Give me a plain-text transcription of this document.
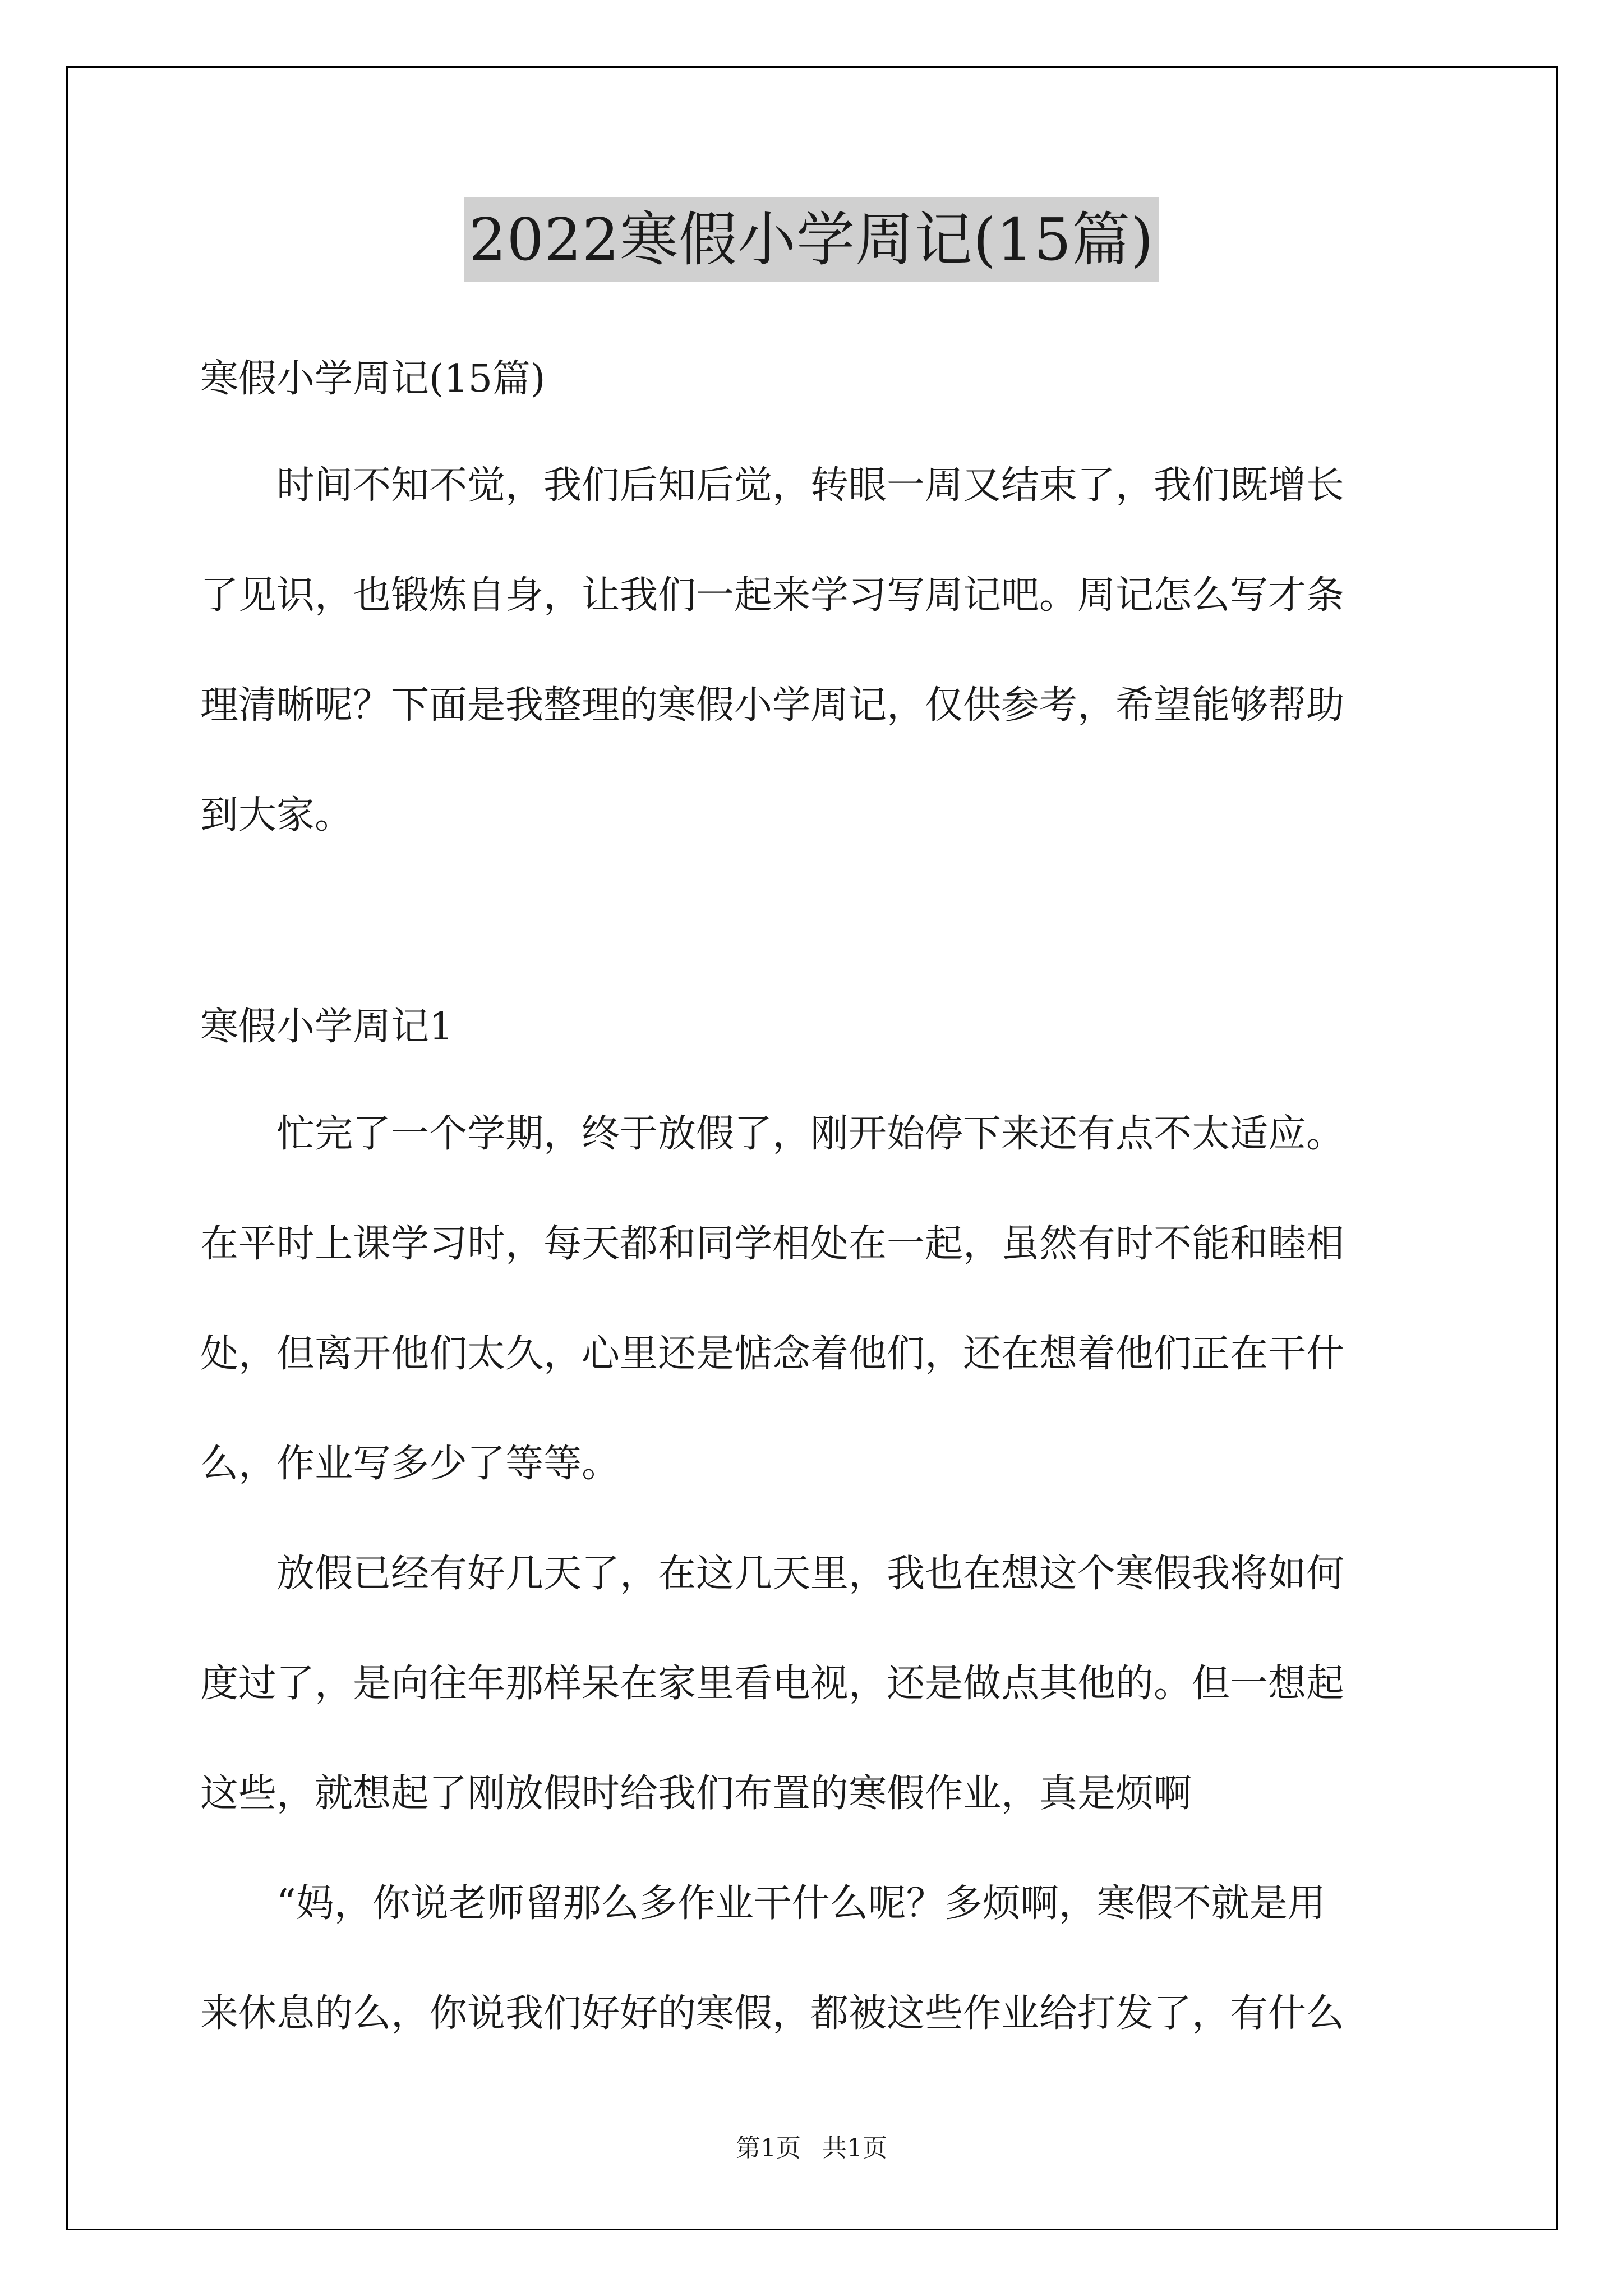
2022寒假小学周记(15篇)
寒假小学周记(15篇)
　　时间不知不觉，我们后知后觉，转眼一周又结束了，我们既增长
了见识，也锻炼自身，让我们一起来学习写周记吧。周记怎么写才条
理清晰呢？下面是我整理的寒假小学周记，仅供参考，希望能够帮助
到大家。
寒假小学周记1
　　忙完了一个学期，终于放假了，刚开始停下来还有点不太适应。
在平时上课学习时，每天都和同学相处在一起，虽然有时不能和睦相
处，但离开他们太久，心里还是惦念着他们，还在想着他们正在干什
么，作业写多少了等等。
　　放假已经有好几天了，在这几天里，我也在想这个寒假我将如何
度过了，是向往年那样呆在家里看电视，还是做点其他的。但一想起
这些，就想起了刚放假时给我们布置的寒假作业，真是烦啊
　　“妈，你说老师留那么多作业干什么呢？多烦啊，寒假不就是用
来休息的么，你说我们好好的寒假，都被这些作业给打发了，有什么
第1页 共1页
